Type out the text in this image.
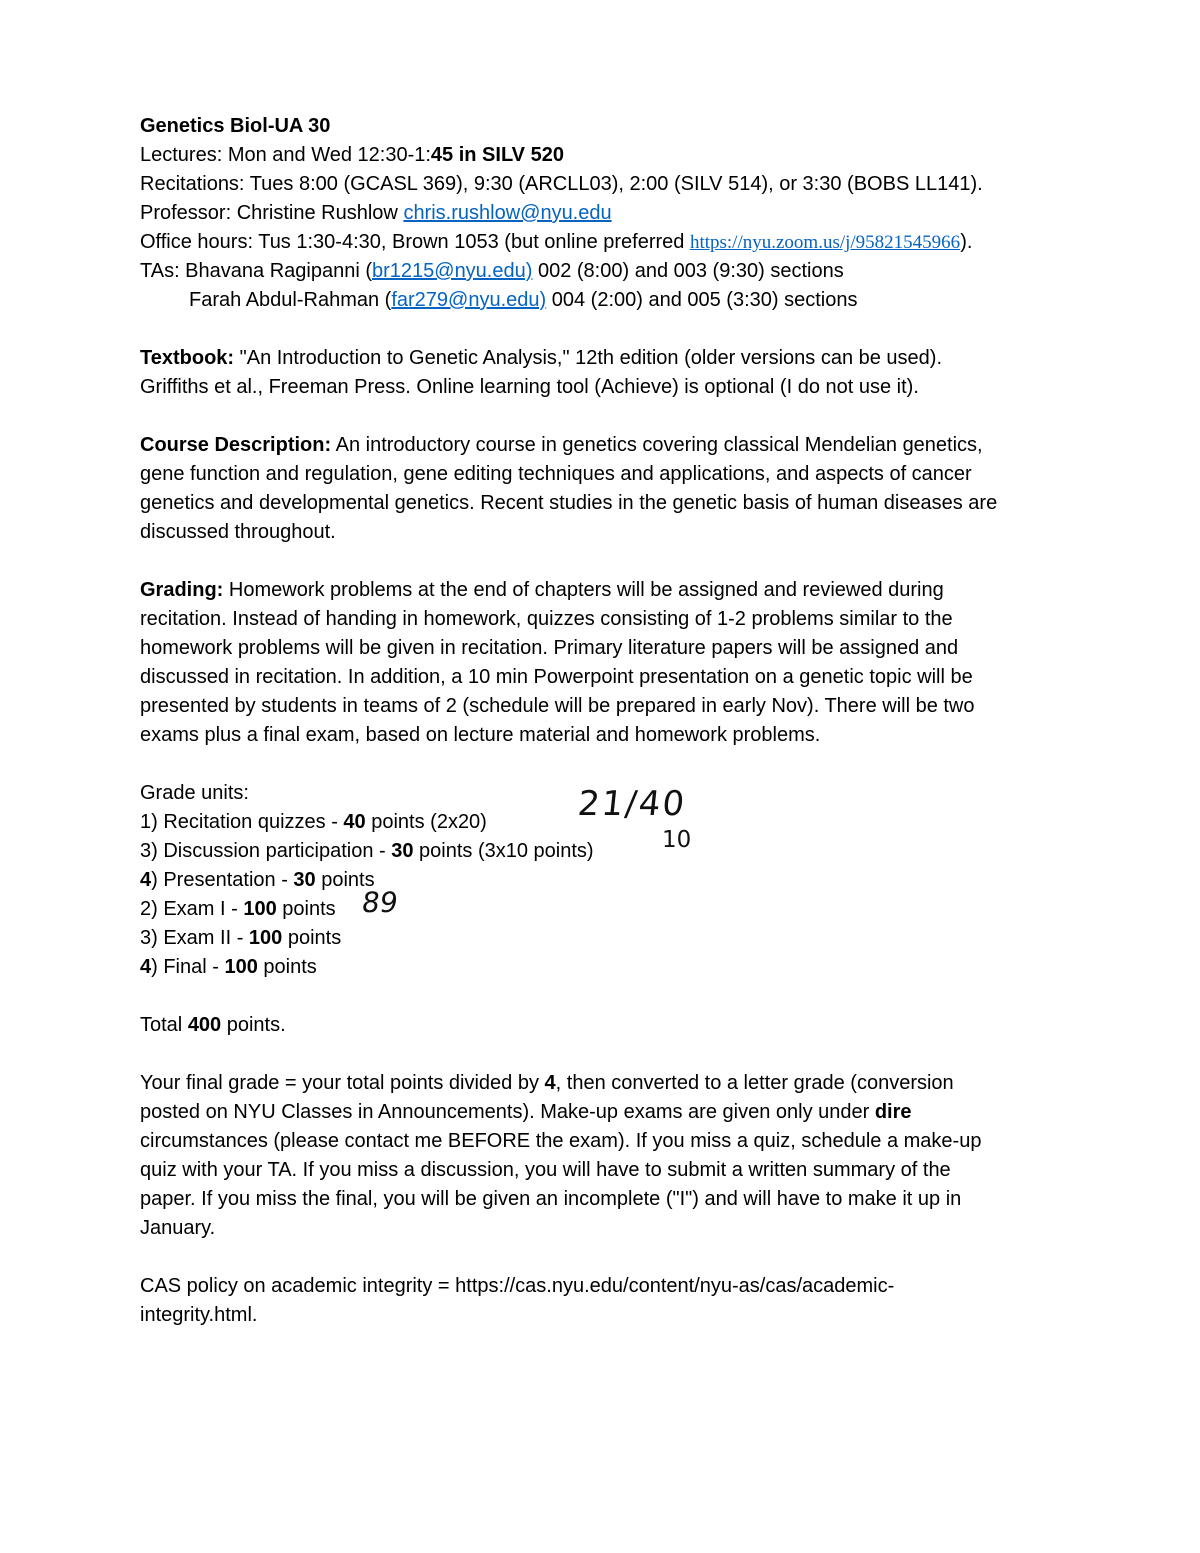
Genetics Biol-UA 30

Lectures: Mon and Wed 12:30-1:45 in SILV 520

Recitations: Tues 8:00 (GCASL 369), 9:30 (ARCLL03), 2:00 (SILV 514), or 3:30 (BOBS LL141).

Professor: Christine Rushlow chris.rushlow@nyu.edu

Office hours: Tus 1:30-4:30, Brown 1053 (but online preferred https://nyu.zoom.us/j/95821545966).

TAs: Bhavana Ragipanni (br1215@nyu.edu) 002 (8:00) and 003 (9:30) sections

Farah Abdul-Rahman (far279@nyu.edu) 004 (2:00) and 005 (3:30) sections

Textbook: "An Introduction to Genetic Analysis," 12th edition (older versions can be used).

Griffiths et al., Freeman Press. Online learning tool (Achieve) is optional (I do not use it).

Course Description: An introductory course in genetics covering classical Mendelian genetics,

gene function and regulation, gene editing techniques and applications, and aspects of cancer

genetics and developmental genetics. Recent studies in the genetic basis of human diseases are

discussed throughout.

Grading: Homework problems at the end of chapters will be assigned and reviewed during

recitation. Instead of handing in homework, quizzes consisting of 1-2 problems similar to the

homework problems will be given in recitation. Primary literature papers will be assigned and

discussed in recitation. In addition, a 10 min Powerpoint presentation on a genetic topic will be

presented by students in teams of 2 (schedule will be prepared in early Nov). There will be two

exams plus a final exam, based on lecture material and homework problems.

Grade units:

1) Recitation quizzes - 40 points (2x20)

3) Discussion participation - 30 points (3x10 points)

4) Presentation - 30 points

2) Exam I - 100 points

3) Exam II - 100 points

4) Final - 100 points

Total 400 points.

Your final grade = your total points divided by 4, then converted to a letter grade (conversion

posted on NYU Classes in Announcements). Make-up exams are given only under dire

circumstances (please contact me BEFORE the exam). If you miss a quiz, schedule a make-up

quiz with your TA. If you miss a discussion, you will have to submit a written summary of the

paper. If you miss the final, you will be given an incomplete ("I") and will have to make it up in

January.

CAS policy on academic integrity = https://cas.nyu.edu/content/nyu-as/cas/academic-

integrity.html.

21/40
10
89
